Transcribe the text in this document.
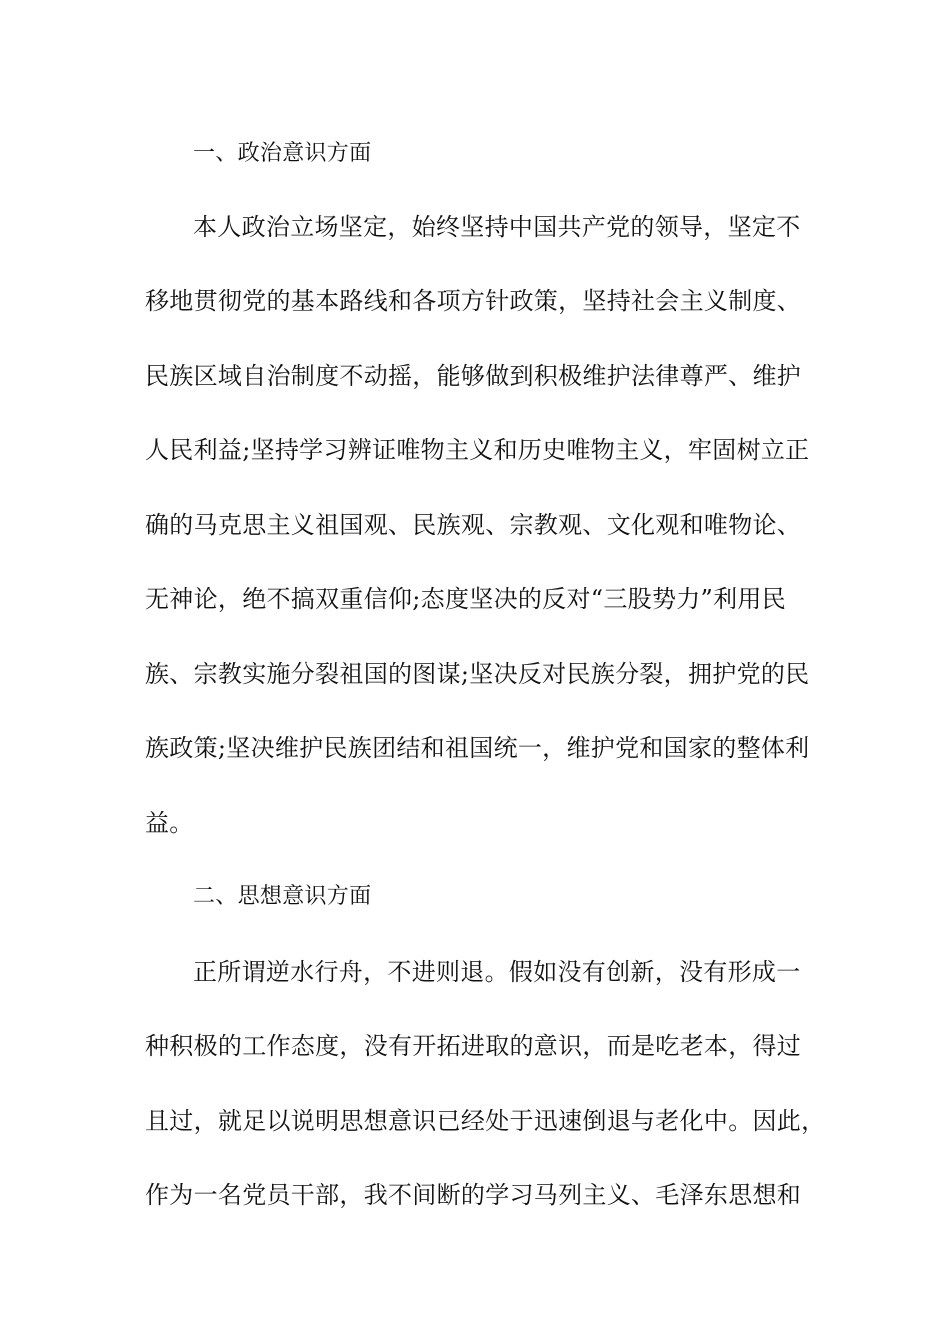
一、政治意识方面
本人政治立场坚定，始终坚持中国共产党的领导，坚定不
移地贯彻党的基本路线和各项方针政策，坚持社会主义制度、
民族区域自治制度不动摇，能够做到积极维护法律尊严、维护
人民利益;坚持学习辨证唯物主义和历史唯物主义，牢固树立正
确的马克思主义祖国观、民族观、宗教观、文化观和唯物论、
无神论，绝不搞双重信仰;态度坚决的反对“三股势力”利用民
族、宗教实施分裂祖国的图谋;坚决反对民族分裂，拥护党的民
族政策;坚决维护民族团结和祖国统一，维护党和国家的整体利
益。
二、思想意识方面
正所谓逆水行舟，不进则退。假如没有创新，没有形成一
种积极的工作态度，没有开拓进取的意识，而是吃老本，得过
且过，就足以说明思想意识已经处于迅速倒退与老化中。因此，
作为一名党员干部，我不间断的学习马列主义、毛泽东思想和
